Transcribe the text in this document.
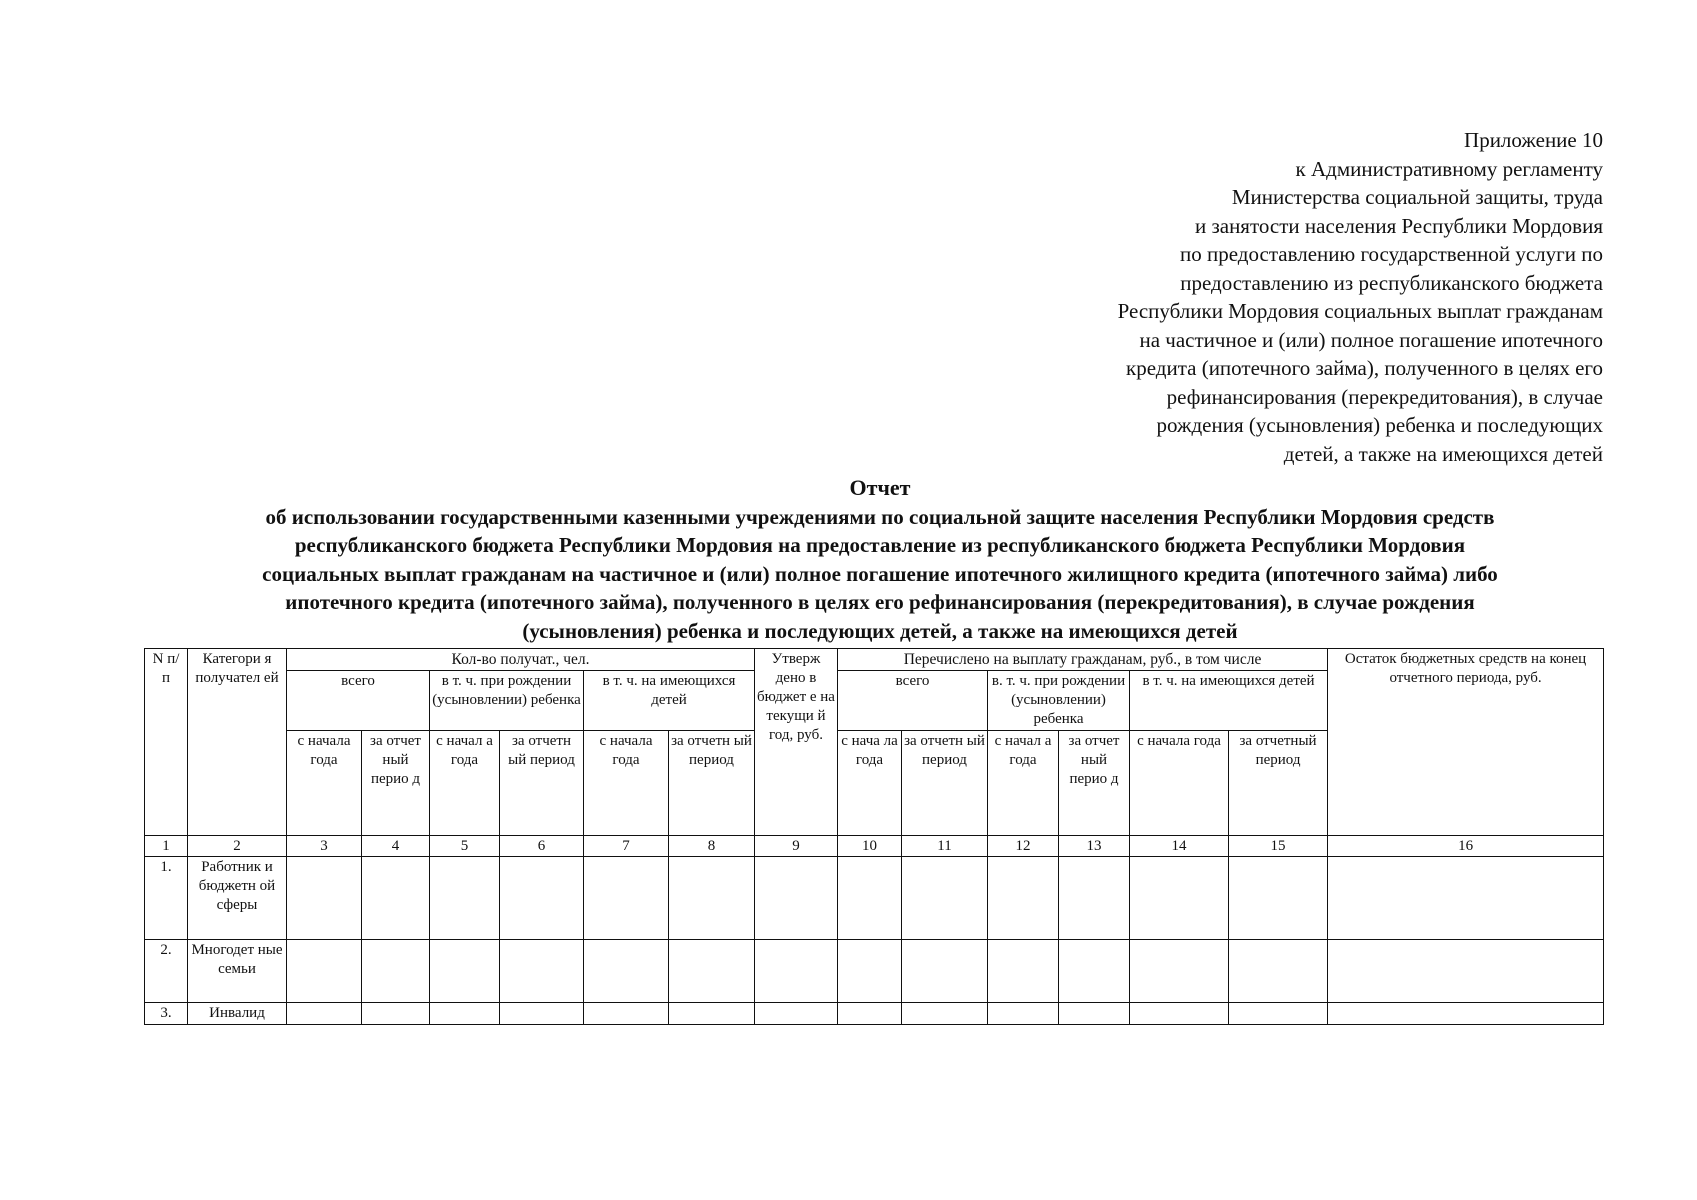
Приложение 10
к Административному регламенту
Министерства социальной защиты, труда
и занятости населения Республики Мордовия
по предоставлению государственной услуги по
предоставлению из республиканского бюджета
Республики Мордовия социальных выплат гражданам
на частичное и (или) полное погашение ипотечного
кредита (ипотечного займа), полученного в целях его
рефинансирования (перекредитования), в случае
рождения (усыновления) ребенка и последующих
детей, а также на имеющихся детей
Отчет
об использовании государственными казенными учреждениями по социальной защите населения Республики Мордовия средств
республиканского бюджета Республики Мордовия на предоставление из республиканского бюджета Республики Мордовия
социальных выплат гражданам на частичное и (или) полное погашение ипотечного жилищного кредита (ипотечного займа) либо
ипотечного кредита (ипотечного займа), полученного в целях его рефинансирования (перекредитования), в случае рождения
(усыновления) ребенка и последующих детей, а также на имеющихся детей
N п/ п	Категори я получател ей	Кол-во получат., чел.						Утверж дено в бюджет е на текущи й год, руб.	Перечислено на выплату гражданам, руб., в том числе						Остаток бюджетных средств на конец отчетного периода, руб.
		всего		в т. ч. при рождении (усыновлении) ребенка		в т. ч. на имеющихся детей			всего		в. т. ч. при рождении (усыновлении) ребенка		в т. ч. на имеющихся детей		
		с начала года	за отчет ный перио д	с начал а года	за отчетн ый период	с начала года	за отчетн ый период		с нача ла года	за отчетн ый период	с начал а года	за отчет ный перио д	с начала года	за отчетный период	
1	2	3	4	5	6	7	8	9	10	11	12	13	14	15	16
1.	Работник и бюджетн ой сферы														
2.	Многодет ные семьи														
3.	Инвалид														
